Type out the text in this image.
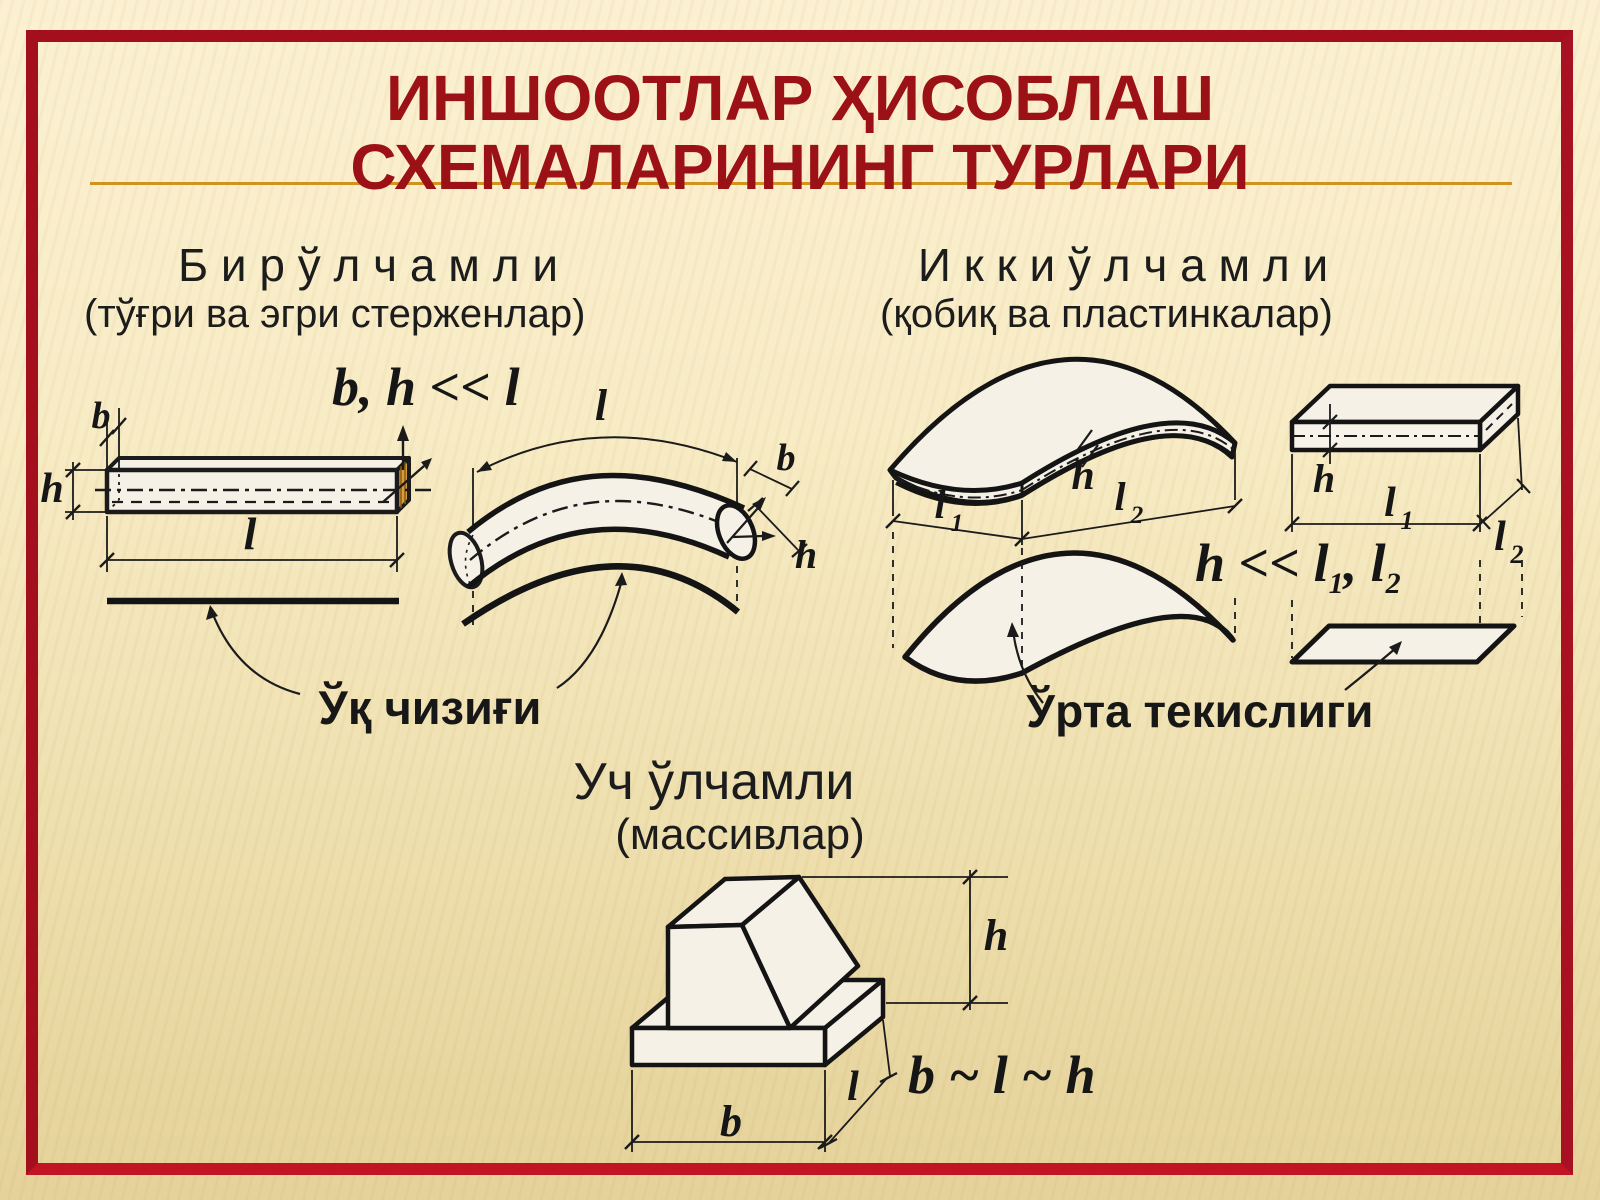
ИНШООТЛАР ҲИСОБЛАШ
СХЕМАЛАРИНИНГ ТУРЛАРИ
Б и р ў л ч а м л и
(тўғри ва эгри стерженлар)
И к к и ў л ч а м л и
(қобиқ ва пластинкалар)
b, h << l
$h << l_1$, $l_2$
Ўқ чизиғи	Ўрта текислиги
Уч ўлчамли
(массивлар)
b ~ l ~ h
b
h
l
l
b
h
h
l 1
l 2
h
l 1 l 2
h
b
l
